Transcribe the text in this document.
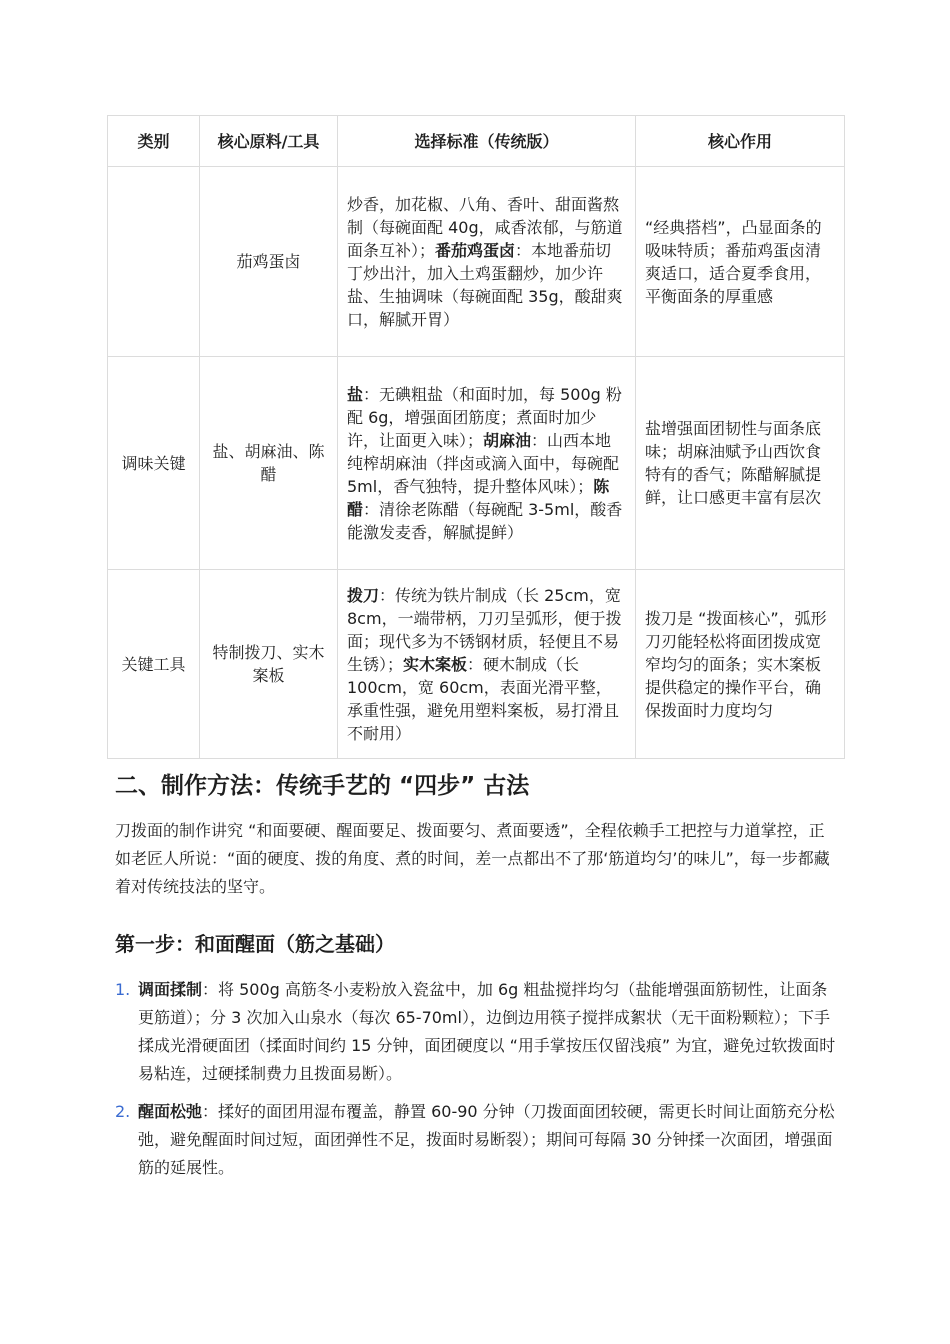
类别	核心原料/工具	选择标准（传统版）	核心作用
	茄鸡蛋卤	炒香，加花椒、八角、香叶、甜面酱熬制（每碗面配 40g，咸香浓郁，与筋道面条互补）；番茄鸡蛋卤：本地番茄切丁炒出汁，加入土鸡蛋翻炒，加少许盐、生抽调味（每碗面配 35g，酸甜爽口，解腻开胃）	“经典搭档”，凸显面条的吸味特质；番茄鸡蛋卤清爽适口，适合夏季食用，平衡面条的厚重感
调味关键	盐、胡麻油、陈醋	盐：无碘粗盐（和面时加，每 500g 粉配 6g，增强面团筋度；煮面时加少许，让面更入味）；胡麻油：山西本地纯榨胡麻油（拌卤或滴入面中，每碗配 5ml，香气独特，提升整体风味）；陈醋：清徐老陈醋（每碗配 3-5ml，酸香能激发麦香，解腻提鲜）	盐增强面团韧性与面条底味；胡麻油赋予山西饮食特有的香气；陈醋解腻提鲜，让口感更丰富有层次
关键工具	特制拨刀、实木案板	拨刀：传统为铁片制成（长 25cm，宽 8cm，一端带柄，刀刃呈弧形，便于拨面；现代多为不锈钢材质，轻便且不易生锈）；实木案板：硬木制成（长 100cm，宽 60cm，表面光滑平整，承重性强，避免用塑料案板，易打滑且不耐用）	拨刀是 “拨面核心”，弧形刀刃能轻松将面团拨成宽窄均匀的面条；实木案板提供稳定的操作平台，确保拨面时力度均匀
二、制作方法：传统手艺的 “四步” 古法

刀拨面的制作讲究 “和面要硬、醒面要足、拨面要匀、煮面要透”，全程依赖手工把控与力道掌控，正如老匠人所说：“面的硬度、拨的角度、煮的时间，差一点都出不了那‘筋道均匀’的味儿”，每一步都藏着对传统技法的坚守。

第一步：和面醒面（筋之基础）
1. 调面揉制：将 500g 高筋冬小麦粉放入瓷盆中，加 6g 粗盐搅拌均匀（盐能增强面筋韧性，让面条更筋道）；分 3 次加入山泉水（每次 65-70ml），边倒边用筷子搅拌成絮状（无干面粉颗粒）；下手揉成光滑硬面团（揉面时间约 15 分钟，面团硬度以 “用手掌按压仅留浅痕” 为宜，避免过软拨面时易粘连，过硬揉制费力且拨面易断）。
2. 醒面松弛：揉好的面团用湿布覆盖，静置 60-90 分钟（刀拨面面团较硬，需更长时间让面筋充分松弛，避免醒面时间过短，面团弹性不足，拨面时易断裂）；期间可每隔 30 分钟揉一次面团，增强面筋的延展性。
